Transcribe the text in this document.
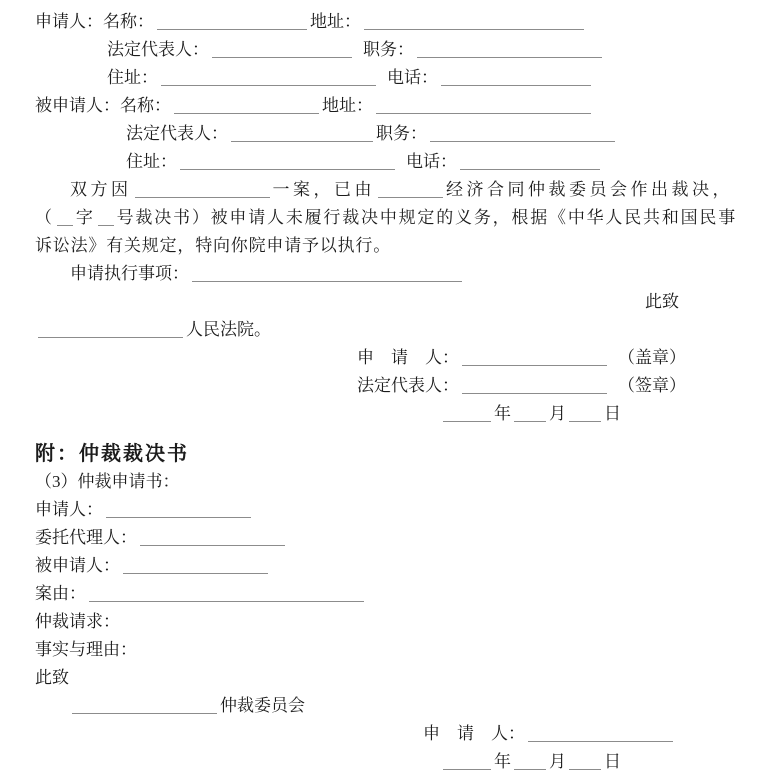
申请人：名称：	地址：
法定代表人：	职务：
住址：	电话：
被申请人：名称：	地址：
法定代表人：	职务：
住址：	电话：
双方因	一案，已由	经济合同仲裁委员会作出裁决，
（ 字 号裁决书）被申请人未履行裁决中规定的义务，根据《中华人民共和国民事
诉讼法》有关规定，特向你院申请予以执行。
申请执行事项：
此致
人民法院。
申　请　人：	（盖章）
法定代表人：	（签章）
年 月 日
附：仲裁裁决书
（3）仲裁申请书：
申请人：
委托代理人：
被申请人：
案由：
仲裁请求：
事实与理由：
此致
仲裁委员会
申　请　人：
年 月 日
